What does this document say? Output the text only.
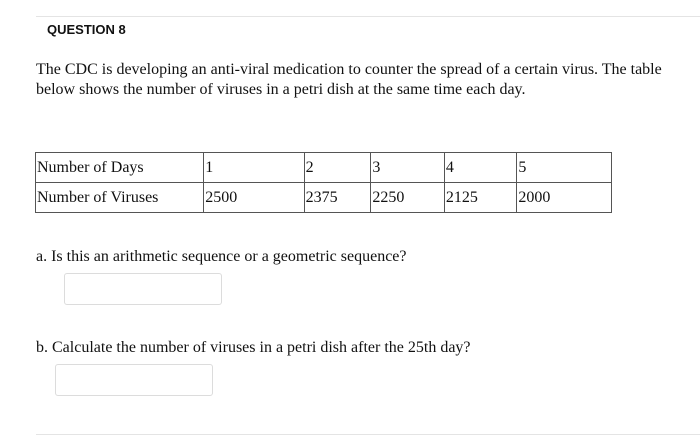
QUESTION 8
The CDC is developing an anti-viral medication to counter the spread of a certain virus. The table
below shows the number of viruses in a petri dish at the same time each day.
Number of Days	1	2	3	4	5
Number of Viruses	2500	2375	2250	2125	2000
a. Is this an arithmetic sequence or a geometric sequence?
b. Calculate the number of viruses in a petri dish after the 25th day?
